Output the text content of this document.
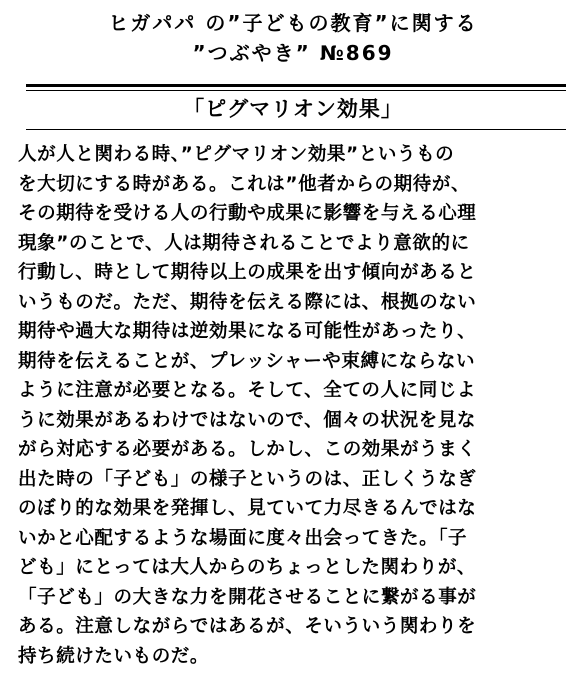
ヒガパパ の”子どもの教育”に関する
”つぶやき” №869
「ピグマリオン効果」
人が人と関わる時、”ピグマリオン効果”というもの
を大切にする時がある。これは”他者からの期待が、
その期待を受ける人の行動や成果に影響を与える心理
現象”のことで、人は期待されることでより意欲的に
行動し、時として期待以上の成果を出す傾向があると
いうものだ。ただ、期待を伝える際には、根拠のない
期待や過大な期待は逆効果になる可能性があったり、
期待を伝えることが、プレッシャーや束縛にならない
ように注意が必要となる。そして、全ての人に同じよ
うに効果があるわけではないので、個々の状況を見な
がら対応する必要がある。しかし、この効果がうまく
出た時の「子ども」の様子というのは、正しくうなぎ
のぼり的な効果を発揮し、見ていて力尽きるんではな
いかと心配するような場面に度々出会ってきた。「子
ども」にとっては大人からのちょっとした関わりが、
「子ども」の大きな力を開花させることに繋がる事が
ある。注意しながらではあるが、そいういう関わりを
持ち続けたいものだ。
